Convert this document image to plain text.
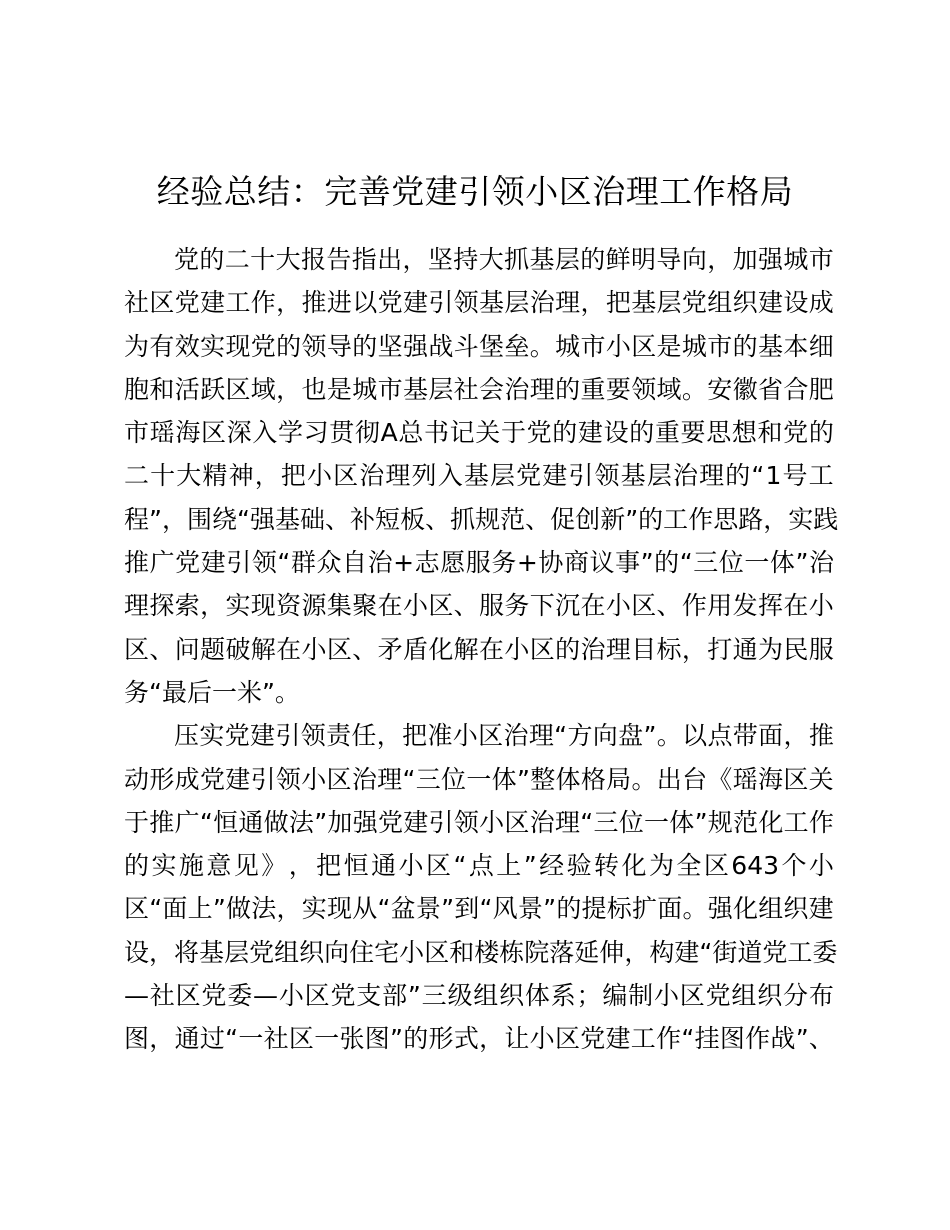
经验总结：完善党建引领小区治理工作格局
党 的 二 十 大 报 告 指 出 ， 坚 持 大 抓 基 层 的 鲜 明 导 向 ， 加 强 城 市
社 区 党 建 工 作 ， 推 进 以 党 建 引 领 基 层 治 理 ， 把 基 层 党 组 织 建 设 成
为 有 效 实 现 党 的 领 导 的 坚 强 战 斗 堡 垒 。 城 市 小 区 是 城 市 的 基 本 细
胞 和 活 跃 区 域 ， 也 是 城 市 基 层 社 会 治 理 的 重 要 领 域 。 安 徽 省 合 肥
市 瑶 海 区 深 入 学 习 贯 彻 A 总 书 记 关 于 党 的 建 设 的 重 要 思 想 和 党 的
二 十 大 精 神 ， 把 小 区 治 理 列 入 基 层 党 建 引 领 基 层 治 理 的 “ 1 号 工
程 ” ， 围 绕 “ 强 基 础 、 补 短 板 、 抓 规 范 、 促 创 新 ” 的 工 作 思 路 ， 实 践
推 广 党 建 引 领 “ 群 众 自 治 + 志 愿 服 务 + 协 商 议 事 ” 的 “ 三 位 一 体 ” 治
理 探 索 ， 实 现 资 源 集 聚 在 小 区 、 服 务 下 沉 在 小 区 、 作 用 发 挥 在 小
区 、 问 题 破 解 在 小 区 、 矛 盾 化 解 在 小 区 的 治 理 目 标 ， 打 通 为 民 服
务“最后一米”。
压 实 党 建 引 领 责 任 ， 把 准 小 区 治 理 “ 方 向 盘 ” 。 以 点 带 面 ， 推
动 形 成 党 建 引 领 小 区 治 理 “ 三 位 一 体 ” 整 体 格 局 。 出 台 《 瑶 海 区 关
于 推 广 “ 恒 通 做 法 ” 加 强 党 建 引 领 小 区 治 理 “ 三 位 一 体 ” 规 范 化 工 作
的 实 施 意 见 》 ， 把 恒 通 小 区 “ 点 上 ” 经 验 转 化 为 全 区 643 个 小
区 “ 面 上 ” 做 法 ， 实 现 从 “ 盆 景 ” 到 “ 风 景 ” 的 提 标 扩 面 。 强 化 组 织 建
设 ， 将 基 层 党 组 织 向 住 宅 小 区 和 楼 栋 院 落 延 伸 ， 构 建 “ 街 道 党 工 委
— 社 区 党 委 — 小 区 党 支 部 ” 三 级 组 织 体 系 ； 编 制 小 区 党 组 织 分 布
图 ， 通 过 “ 一 社 区 一 张 图 ” 的 形 式 ， 让 小 区 党 建 工 作 “ 挂 图 作 战 ” 、
